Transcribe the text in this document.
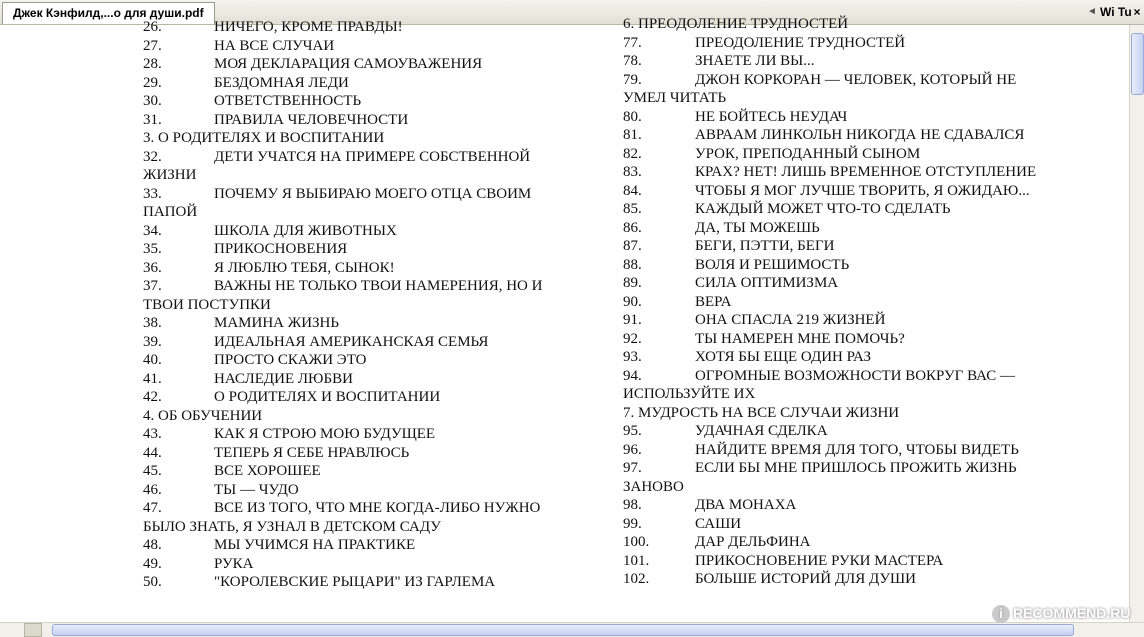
Джек Кэнфилд,...о для души.pdf	◄ Wi Tu ×
26.	НИЧЕГО, КРОМЕ ПРАВДЫ!
27.	НА ВСЕ СЛУЧАИ
28.	МОЯ ДЕКЛАРАЦИЯ САМОУВАЖЕНИЯ
29.	БЕЗДОМНАЯ ЛЕДИ
30.	ОТВЕТСТВЕННОСТЬ
31.	ПРАВИЛА ЧЕЛОВЕЧНОСТИ
3. О РОДИТЕЛЯХ И ВОСПИТАНИИ
32.	ДЕТИ УЧАТСЯ НА ПРИМЕРЕ СОБСТВЕННОЙ
ЖИЗНИ
33.	ПОЧЕМУ Я ВЫБИРАЮ МОЕГО ОТЦА СВОИМ
ПАПОЙ
34.	ШКОЛА ДЛЯ ЖИВОТНЫХ
35.	ПРИКОСНОВЕНИЯ
36.	Я ЛЮБЛЮ ТЕБЯ, СЫНОК!
37.	ВАЖНЫ НЕ ТОЛЬКО ТВОИ НАМЕРЕНИЯ, НО И
ТВОИ ПОСТУПКИ
38.	МАМИНА ЖИЗНЬ
39.	ИДЕАЛЬНАЯ АМЕРИКАНСКАЯ СЕМЬЯ
40.	ПРОСТО СКАЖИ ЭТО
41.	НАСЛЕДИЕ ЛЮБВИ
42.	О РОДИТЕЛЯХ И ВОСПИТАНИИ
4. ОБ ОБУЧЕНИИ
43.	КАК Я СТРОЮ МОЮ БУДУЩЕЕ
44.	ТЕПЕРЬ Я СЕБЕ НРАВЛЮСЬ
45.	ВСЕ ХОРОШЕЕ
46.	ТЫ — ЧУДО
47.	ВСЕ ИЗ ТОГО, ЧТО МНЕ КОГДА-ЛИБО НУЖНО
БЫЛО ЗНАТЬ, Я УЗНАЛ В ДЕТСКОМ САДУ
48.	МЫ УЧИМСЯ НА ПРАКТИКЕ
49.	РУКА
50.	"КОРОЛЕВСКИЕ РЫЦАРИ" ИЗ ГАРЛЕМА
6. ПРЕОДОЛЕНИЕ ТРУДНОСТЕЙ
77.	ПРЕОДОЛЕНИЕ ТРУДНОСТЕЙ
78.	ЗНАЕТЕ ЛИ ВЫ...
79.	ДЖОН КОРКОРАН — ЧЕЛОВЕК, КОТОРЫЙ НЕ
УМЕЛ ЧИТАТЬ
80.	НЕ БОЙТЕСЬ НЕУДАЧ
81.	АВРААМ ЛИНКОЛЬН НИКОГДА НЕ СДАВАЛСЯ
82.	УРОК, ПРЕПОДАННЫЙ СЫНОМ
83.	КРАХ? НЕТ! ЛИШЬ ВРЕМЕННОЕ ОТСТУПЛЕНИЕ
84.	ЧТОБЫ Я МОГ ЛУЧШЕ ТВОРИТЬ, Я ОЖИДАЮ...
85.	КАЖДЫЙ МОЖЕТ ЧТО-ТО СДЕЛАТЬ
86.	ДА, ТЫ МОЖЕШЬ
87.	БЕГИ, ПЭТТИ, БЕГИ
88.	ВОЛЯ И РЕШИМОСТЬ
89.	СИЛА ОПТИМИЗМА
90.	ВЕРА
91.	ОНА СПАСЛА 219 ЖИЗНЕЙ
92.	ТЫ НАМЕРЕН МНЕ ПОМОЧЬ?
93.	ХОТЯ БЫ ЕЩЕ ОДИН РАЗ
94.	ОГРОМНЫЕ ВОЗМОЖНОСТИ ВОКРУГ ВАС —
ИСПОЛЬЗУЙТЕ ИХ
7. МУДРОСТЬ НА ВСЕ СЛУЧАИ ЖИЗНИ
95.	УДАЧНАЯ СДЕЛКА
96.	НАЙДИТЕ ВРЕМЯ ДЛЯ ТОГО, ЧТОБЫ ВИДЕТЬ
97.	ЕСЛИ БЫ МНЕ ПРИШЛОСЬ ПРОЖИТЬ ЖИЗНЬ
ЗАНОВО
98.	ДВА МОНАХА
99.	САШИ
100.	ДАР ДЕЛЬФИНА
101.	ПРИКОСНОВЕНИЕ РУКИ МАСТЕРА
102.	БОЛЬШЕ ИСТОРИЙ ДЛЯ ДУШИ
i RECOMMEND.RU
